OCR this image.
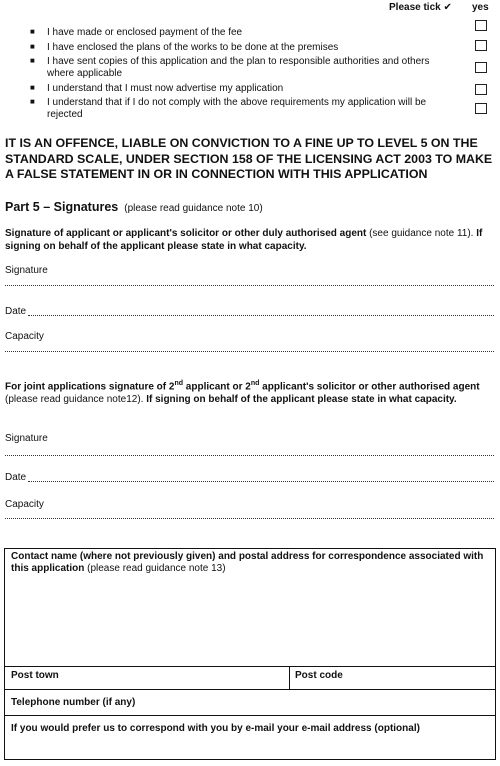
Please tick ✔ yes
■ I have made or enclosed payment of the fee
■ I have enclosed the plans of the works to be done at the premises
■ I have sent copies of this application and the plan to responsible authorities and others where applicable
■ I understand that I must now advertise my application
■ I understand that if I do not comply with the above requirements my application will be rejected
IT IS AN OFFENCE, LIABLE ON CONVICTION TO A FINE UP TO LEVEL 5 ON THE STANDARD SCALE, UNDER SECTION 158 OF THE LICENSING ACT 2003 TO MAKE A FALSE STATEMENT IN OR IN CONNECTION WITH THIS APPLICATION
Part 5 – Signatures (please read guidance note 10)
Signature of applicant or applicant's solicitor or other duly authorised agent (see guidance note 11). If signing on behalf of the applicant please state in what capacity.
Signature
Date
Capacity
For joint applications signature of 2nd applicant or 2nd applicant's solicitor or other authorised agent (please read guidance note12). If signing on behalf of the applicant please state in what capacity.
Signature
Date
Capacity
Contact name (where not previously given) and postal address for correspondence associated with this application (please read guidance note 13)
Post town	Post code
Telephone number (if any)
If you would prefer us to correspond with you by e-mail your e-mail address (optional)
